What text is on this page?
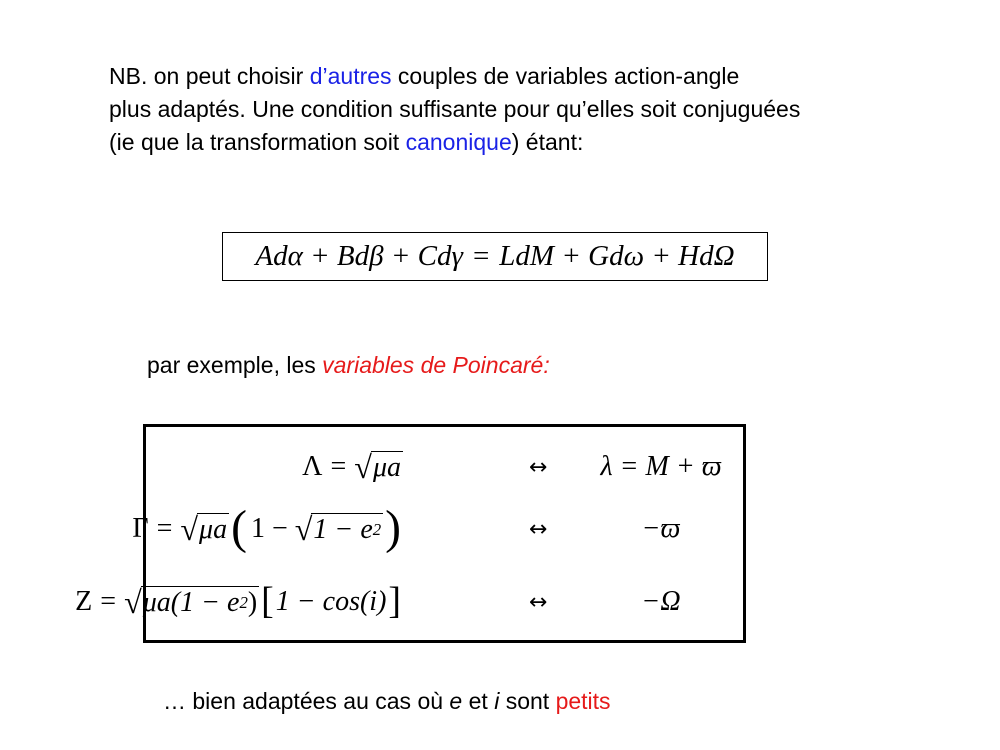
NB. on peut choisir d’autres couples de variables action-angle
plus adaptés. Une condition suffisante pour qu’elles soit conjuguées
(ie que la transformation soit canonique) étant:
Adα + Bdβ + Cdγ = LdM + Gdω + HdΩ
par exemple, les variables de Poincaré:
Λ = √ μa	↔ λ = M + ϖ
Γ = √ μa ( 1 − √ 1 − e 2 )	↔	−ϖ
Z = √ μa(1 − e 2 ) [ 1 − cos(i) ]	↔	−Ω
… bien adaptées au cas où e et i sont petits
